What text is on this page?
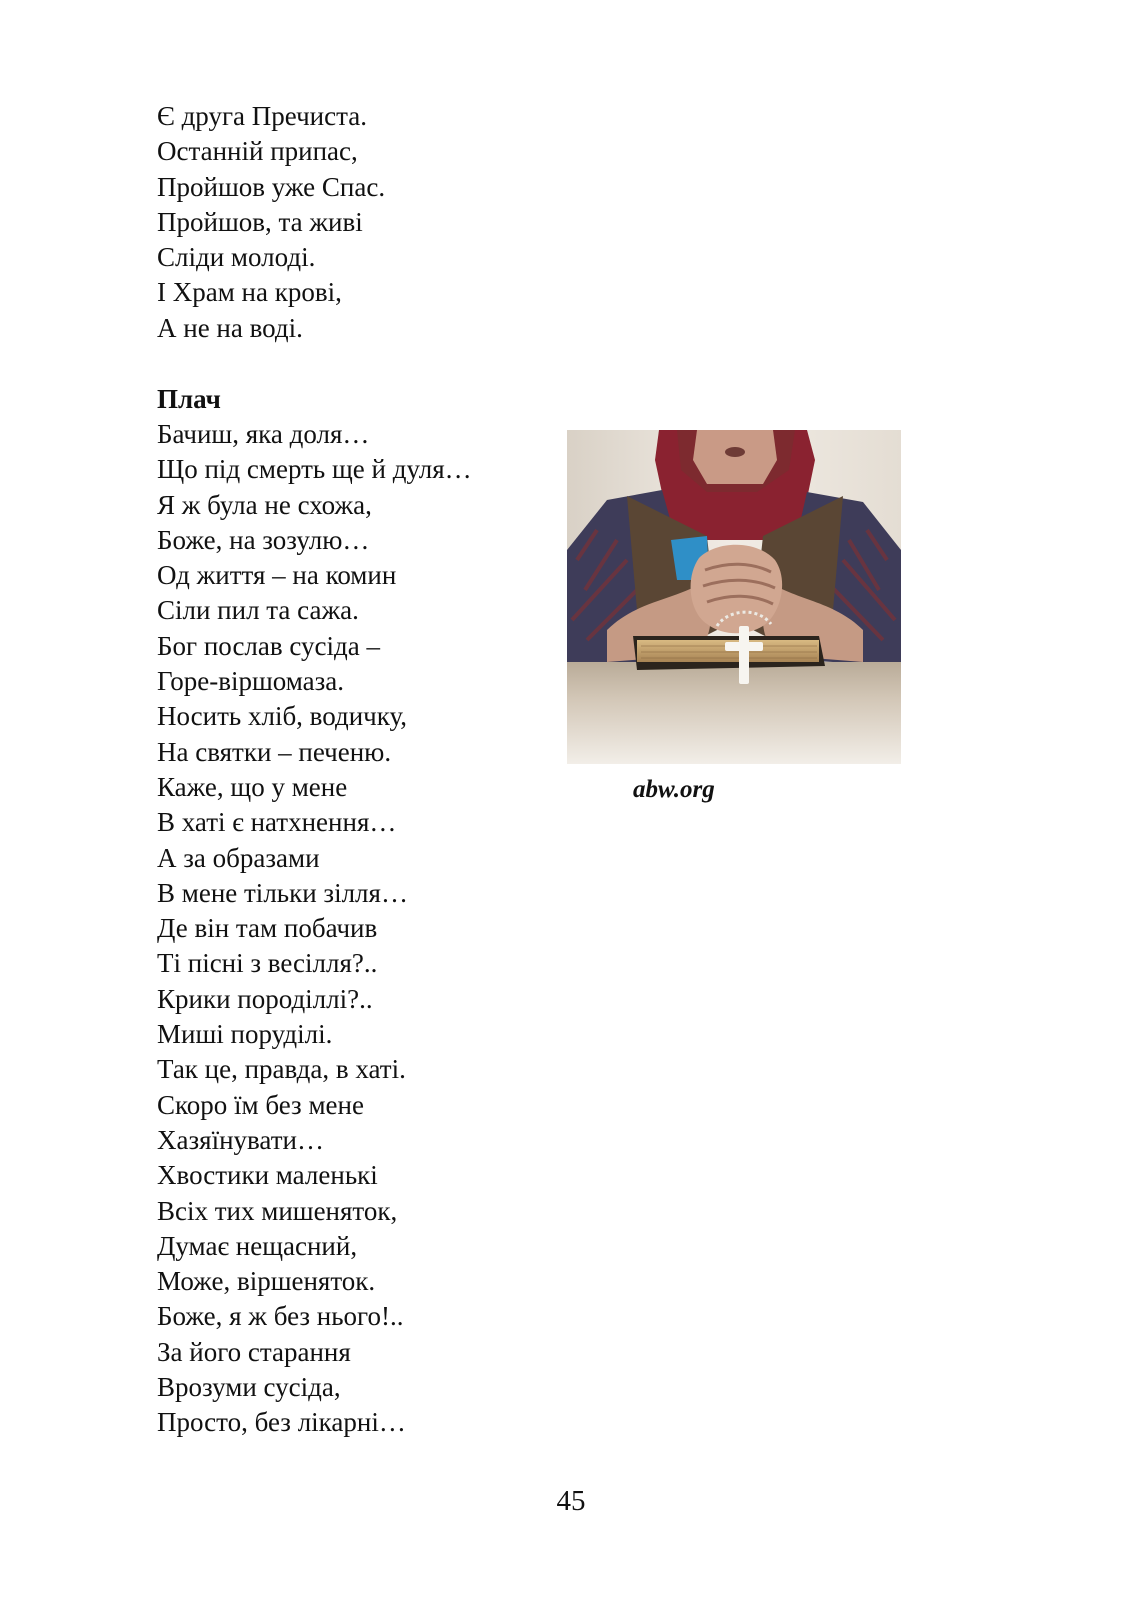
Є друга Пречиста.
Останній припас,
Пройшов уже Спас.
Пройшов, та живі
Сліди молоді.
І Храм на крові,
А не на воді.
Плач
Бачиш, яка доля…
Що під смерть ще й дуля…
Я ж була не схожа,
Боже, на зозулю…
Од життя – на комин
Сіли пил та сажа.
Бог послав сусіда –
Горе-віршомаза.
Носить хліб, водичку,
На святки – печеню.
Каже, що у мене
В хаті є натхнення…
А за образами
В мене тільки зілля…
Де він там побачив
Ті пісні з весілля?..
Крики породіллі?..
Миші поруділі.
Так це, правда, в хаті.
Скоро їм без мене
Хазяїнувати…
Хвостики маленькі
Всіх тих мишеняток,
Думає нещасний,
Може, віршеняток.
Боже, я ж без нього!..
За його старання
Врозуми сусіда,
Просто, без лікарні…
abw.org
45
